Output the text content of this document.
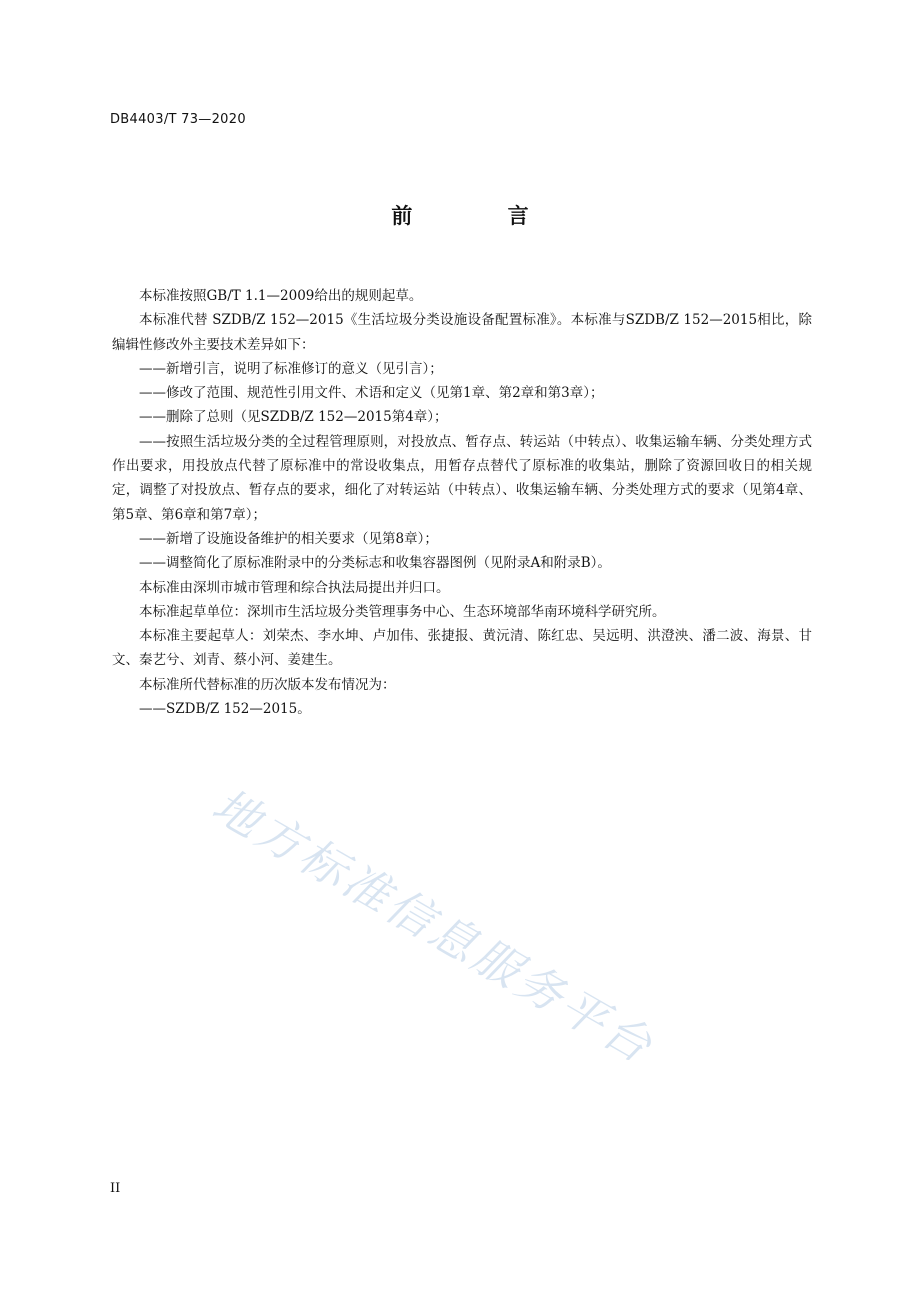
DB4403/T 73—2020
前 言

本标准按照GB/T 1.1—2009给出的规则起草。

本标准代替 SZDB/Z 152—2015《生活垃圾分类设施设备配置标准》。本标准与SZDB/Z 152—2015相比，除编辑性修改外主要技术差异如下：

——新增引言，说明了标准修订的意义（见引言）；

——修改了范围、规范性引用文件、术语和定义（见第1章、第2章和第3章）；

——删除了总则（见SZDB/Z 152—2015第4章）；

——按照生活垃圾分类的全过程管理原则，对投放点、暂存点、转运站（中转点）、收集运输车辆、分类处理方式作出要求，用投放点代替了原标准中的常设收集点，用暂存点替代了原标准的收集站，删除了资源回收日的相关规定，调整了对投放点、暂存点的要求，细化了对转运站（中转点）、收集运输车辆、分类处理方式的要求（见第4章、第5章、第6章和第7章）；

——新增了设施设备维护的相关要求（见第8章）；

——调整简化了原标准附录中的分类标志和收集容器图例（见附录A和附录B）。

本标准由深圳市城市管理和综合执法局提出并归口。

本标准起草单位：深圳市生活垃圾分类管理事务中心、生态环境部华南环境科学研究所。

本标准主要起草人：刘荣杰、李水坤、卢加伟、张捷报、黄沅清、陈红忠、吴远明、洪澄泱、潘二波、海景、甘文、秦艺兮、刘青、蔡小河、姜建生。

本标准所代替标准的历次版本发布情况为：

——SZDB/Z 152—2015。

地方标准信息服务平台
II
